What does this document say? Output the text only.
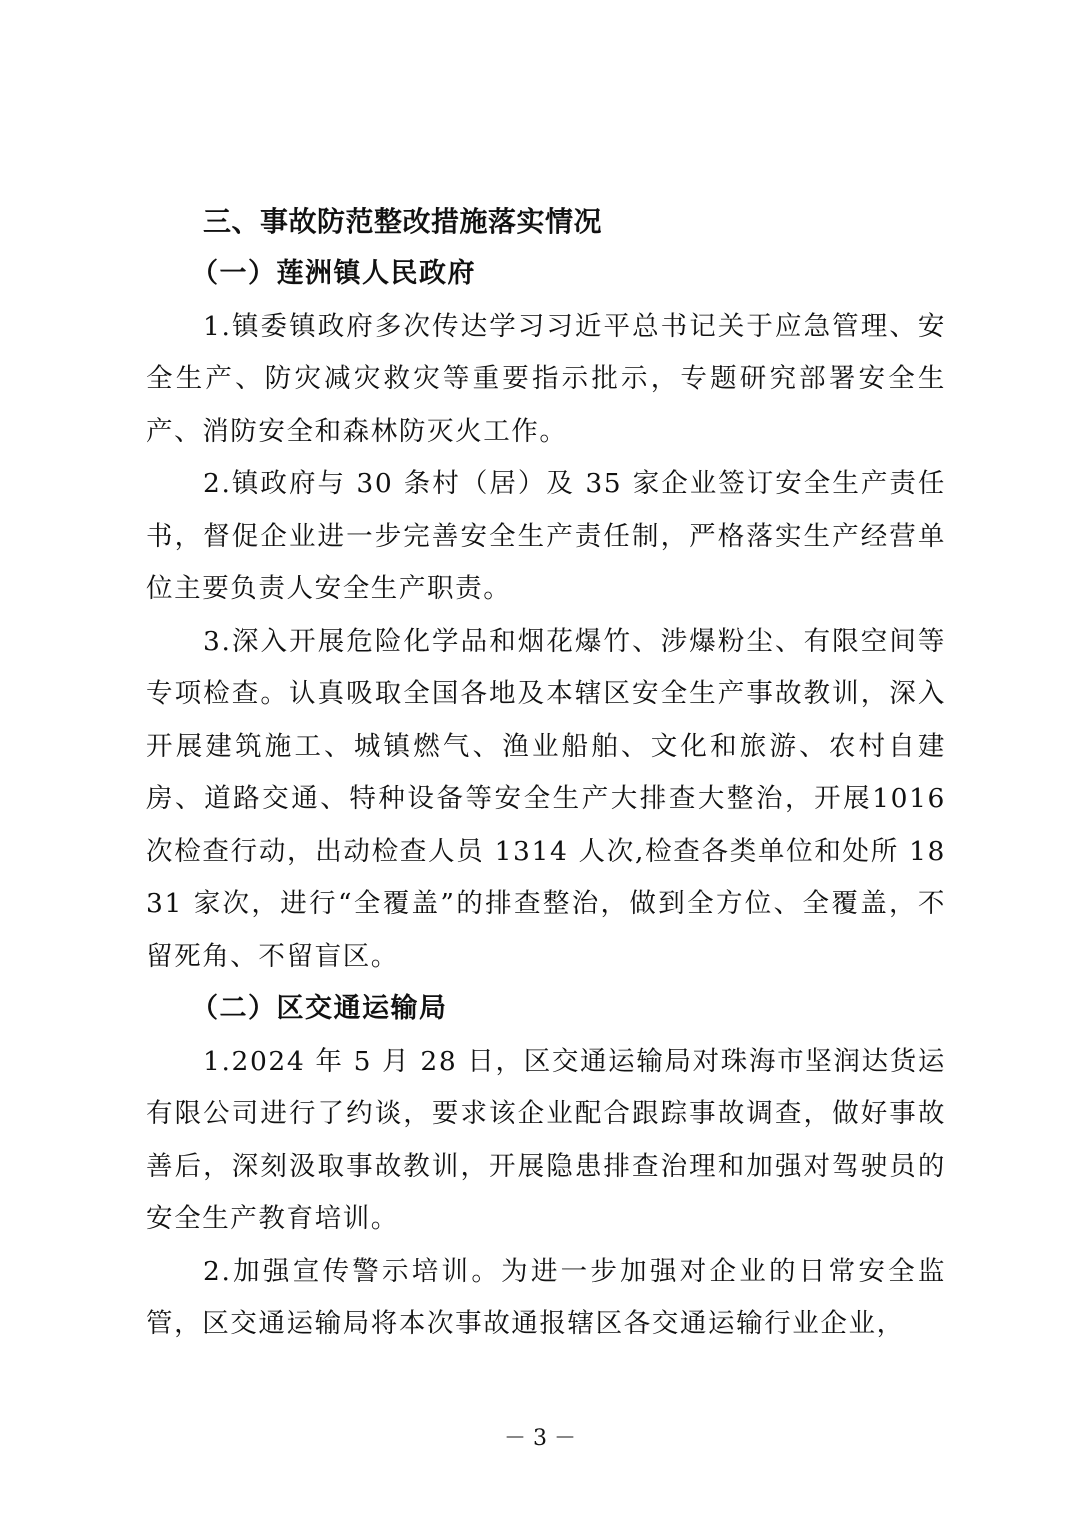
三、事故防范整改措施落实情况
（一）莲洲镇人民政府

1.镇委镇政府多次传达学习习近平总书记关于应急管理、安全生产、防灾减灾救灾等重要指示批示，专题研究部署安全生产、消防安全和森林防灭火工作。

2.镇政府与 30 条村（居）及 35 家企业签订安全生产责任书，督促企业进一步完善安全生产责任制，严格落实生产经营单位主要负责人安全生产职责。

3.深入开展危险化学品和烟花爆竹、涉爆粉尘、有限空间等专项检查。认真吸取全国各地及本辖区安全生产事故教训，深入开展建筑施工、城镇燃气、渔业船舶、文化和旅游、农村自建房、道路交通、特种设备等安全生产大排查大整治，开展1016 次检查行动，出动检查人员 1314 人次,检查各类单位和处所 1831 家次，进行“全覆盖”的排查整治，做到全方位、全覆盖，不留死角、不留盲区。

（二）区交通运输局

1.2024 年 5 月 28 日，区交通运输局对珠海市坚润达货运有限公司进行了约谈，要求该企业配合跟踪事故调查，做好事故善后，深刻汲取事故教训，开展隐患排查治理和加强对驾驶员的安全生产教育培训。

2.加强宣传警示培训。为进一步加强对企业的日常安全监管，区交通运输局将本次事故通报辖区各交通运输行业企业，

－ 3 －
